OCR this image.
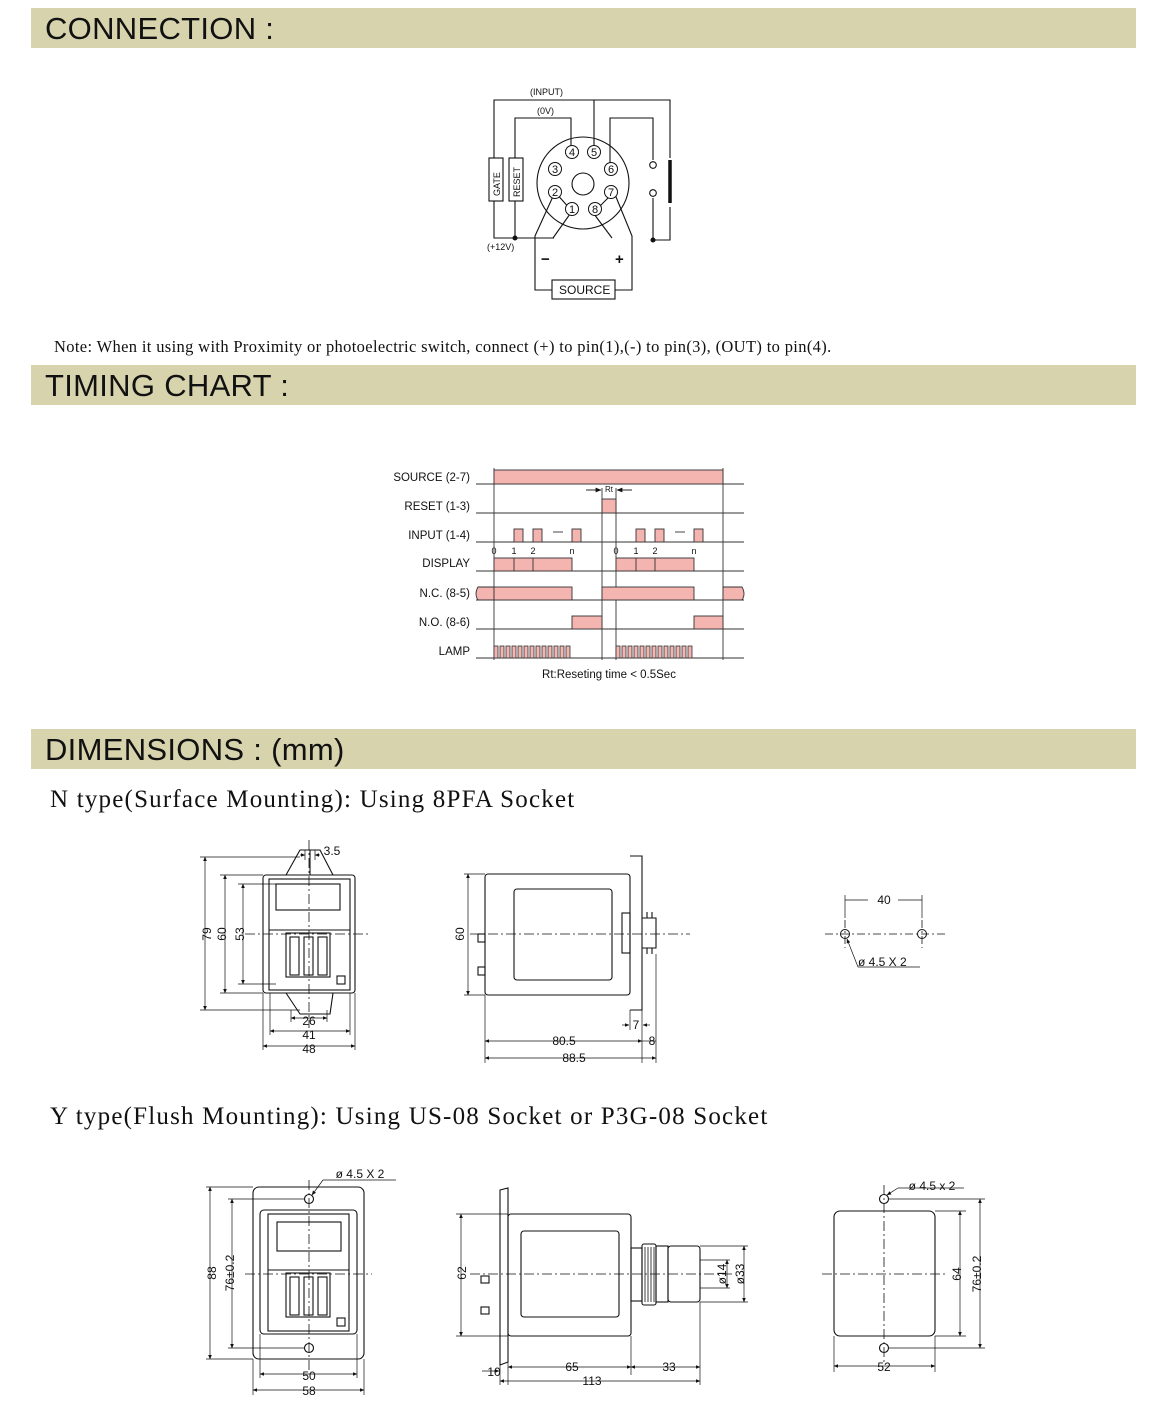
CONNECTION :
TIMING CHART :
DIMENSIONS : (mm)
Note: When it using with Proximity or photoelectric switch, connect (+) to pin(1),(-) to pin(3), (OUT) to pin(4).
N type(Surface Mounting): Using 8PFA Socket
Y type(Flush Mounting): Using US-08 Socket or P3G-08 Socket
4 5
3	6
2	7
1 8
(INPUT)
(0V)
GATE RESET
(+12V)
−	+
SOURCE
SOURCE (2-7)
RESET (1-3)
INPUT (1-4)
DISPLAY
N.C. (8-5)
N.O. (8-6)
LAMP
0 1 2	n	0 1 2	n
Rt
Rt:Reseting time < 0.5Sec
3.5
79 60 53
26
41
48
60
7
80.5	8
88.5
40
ø 4.5 X 2
ø 4.5 X 2
88 76±0.2
50
58
62	ø14 ø33
10	65	33
113
ø 4.5 x 2
64 76±0.2
52
